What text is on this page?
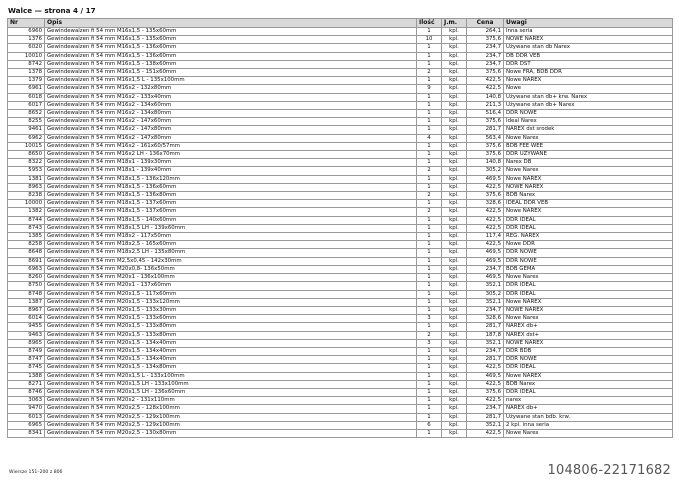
Walce — strona 4 / 17
Nr	Opis	Ilość	J.m.	Cena	Uwagi
6960	Gewindewalzen fi 54 mm M16x1,5 - 135x60mm	1	kpl.	264,1	Inna seria
1376	Gewindewalzen fi 54 mm M16x1,5 - 135x60mm	10	kpl.	375,6	NOWE NAREX
6020	Gewindewalzen fi 54 mm M16x1,5 - 136x60mm	1	kpl.	234,7	Używane stan db Narex
10010	Gewindewalzen fi 54 mm M16x1,5 - 136x60mm	1	kpl.	234,7	DB DDR VEB
8742	Gewindewalzen fi 54 mm M16x1,5 - 138x60mm	1	kpl.	234,7	DDR DST
1378	Gewindewalzen fi 54 mm M16x1,5 - 151x60mm	2	kpl.	375,6	Nowe FRA, BDB DDR
1379	Gewindewalzen fi 54 mm M16x1,5 L - 135x100mm	1	kpl.	422,5	Nowe NAREX
6961	Gewindewalzen fi 54 mm M16x2 - 132x80mm	9	kpl.	422,5	Nowe
6018	Gewindewalzen fi 54 mm M16x2 - 133x40mm	1	kpl.	140,8	Używane stan db+ krw. Narex
6017	Gewindewalzen fi 54 mm M16x2 - 134x60mm	1	kpl.	211,3	Używane stan db+ Narex
8652	Gewindewalzen fi 54 mm M16x2 - 134x80mm	1	kpl.	516,4	DDR NOWE
8255	Gewindewalzen fi 54 mm M16x2 - 147x60mm	1	kpl.	375,6	Ideal Narex
9461	Gewindewalzen fi 54 mm M16x2 - 147x80mm	1	kpl.	281,7	NAREX dst srodek
6962	Gewindewalzen fi 54 mm M16x2 - 147x80mm	4	kpl.	563,4	Nowe Narex
10015	Gewindewalzen fi 54 mm M16x2 - 161x60/57mm	1	kpl.	375,6	BDB FEE WEE
8650	Gewindewalzen fi 54 mm M16x2 LH - 136x70mm	1	kpl.	375,6	DDR UŻYWANE
8322	Gewindewalzen fi 54 mm M18x1 - 139x30mm	1	kpl.	140,8	Narex DB
5953	Gewindewalzen fi 54 mm M18x1 - 139x40mm	2	kpl.	305,2	Nowe Narex
1381	Gewindewalzen fi 54 mm M18x1,5 - 136x120mm	1	kpl.	469,5	Nowe NAREX
8963	Gewindewalzen fi 54 mm M18x1,5 - 136x60mm	1	kpl.	422,5	NOWE NAREX
8238	Gewindewalzen fi 54 mm M18x1,5 - 136x80mm	2	kpl.	375,6	BDB Narex
10000	Gewindewalzen fi 54 mm M18x1,5 - 137x60mm	1	kpl.	328,6	IDEAL DDR VEB
1382	Gewindewalzen fi 54 mm M18x1,5 - 137x60mm	2	kpl.	422,5	Nowe NAREX
8744	Gewindewalzen fi 54 mm M18x1,5 - 140x60mm	1	kpl.	422,5	DDR IDEAL
8743	Gewindewalzen fi 54 mm M18x1,5 LH - 139x60mm	1	kpl.	422,5	DDR IDEAL
1385	Gewindewalzen fi 54 mm M18x2 - 117x50mm	1	kpl.	117,4	REG. NAREX
8258	Gewindewalzen fi 54 mm M18x2,5 - 165x60mm	1	kpl.	422,5	Nowe DDR
8648	Gewindewalzen fi 54 mm M18x2,5 LH - 135x80mm	1	kpl.	469,5	DDR NOWE
8691	Gewindewalzen fi 54 mm M2,5x0,45 - 142x30mm	1	kpl.	469,5	DDR NOWE
6963	Gewindewalzen fi 54 mm M20x0,8- 136x50mm	1	kpl.	234,7	BDB GEMA
8260	Gewindewalzen fi 54 mm M20x1 - 136x100mm	1	kpl.	469,5	Nowe Narex
8750	Gewindewalzen fi 54 mm M20x1 - 137x60mm	1	kpl.	352,1	DDR IDEAL
8748	Gewindewalzen fi 54 mm M20x1,5 - 117x60mm	1	kpl.	305,2	DDR IDEAL
1387	Gewindewalzen fi 54 mm M20x1,5 - 133x120mm	1	kpl.	352,1	Nowe NAREX
8967	Gewindewalzen fi 54 mm M20x1,5 - 133x30mm	1	kpl.	234,7	NOWE NAREX
6014	Gewindewalzen fi 54 mm M20x1,5 - 133x60mm	3	kpl.	328,6	Nowe Narex
9455	Gewindewalzen fi 54 mm M20x1,5 - 133x80mm	1	kpl.	281,7	NAREX db+
9463	Gewindewalzen fi 54 mm M20x1,5 - 133x80mm	2	kpl.	187,8	NAREX dst+
8965	Gewindewalzen fi 54 mm M20x1,5 - 134x40mm	3	kpl.	352,1	NOWE NAREX
8749	Gewindewalzen fi 54 mm M20x1,5 - 134x40mm	1	kpl.	234,7	DDR BDB
8747	Gewindewalzen fi 54 mm M20x1,5 - 134x40mm	1	kpl.	281,7	DDR NOWE
8745	Gewindewalzen fi 54 mm M20x1,5 - 134x80mm	1	kpl.	422,5	DDR IDEAL
1388	Gewindewalzen fi 54 mm M20x1,5 L - 133x100mm	1	kpl.	469,5	Nowe NAREX
8271	Gewindewalzen fi 54 mm M20x1,5 LH - 133x100mm	1	kpl.	422,5	BDB Narex
8746	Gewindewalzen fi 54 mm M20x1,5 LH - 136x60mm	1	kpl.	375,6	DDR IDEAL
3063	Gewindewalzen fi 54 mm M20x2 - 131x110mm	1	kpl.	422,5	narex
9470	Gewindewalzen fi 54 mm M20x2,5 - 128x100mm	1	kpl.	234,7	NAREX db+
6013	Gewindewalzen fi 54 mm M20x2,5 - 129x100mm	1	kpl.	281,7	Używane stan bdb. krw.
6965	Gewindewalzen fi 54 mm M20x2,5 - 129x100mm	6	kpl.	352,1	2 kpl. inna seria
8341	Gewindewalzen fi 54 mm M20x2,5 - 130x80mm	1	kpl.	422,5	Nowe Narex
Wiersze 151–200 z 806	104806-22171682
